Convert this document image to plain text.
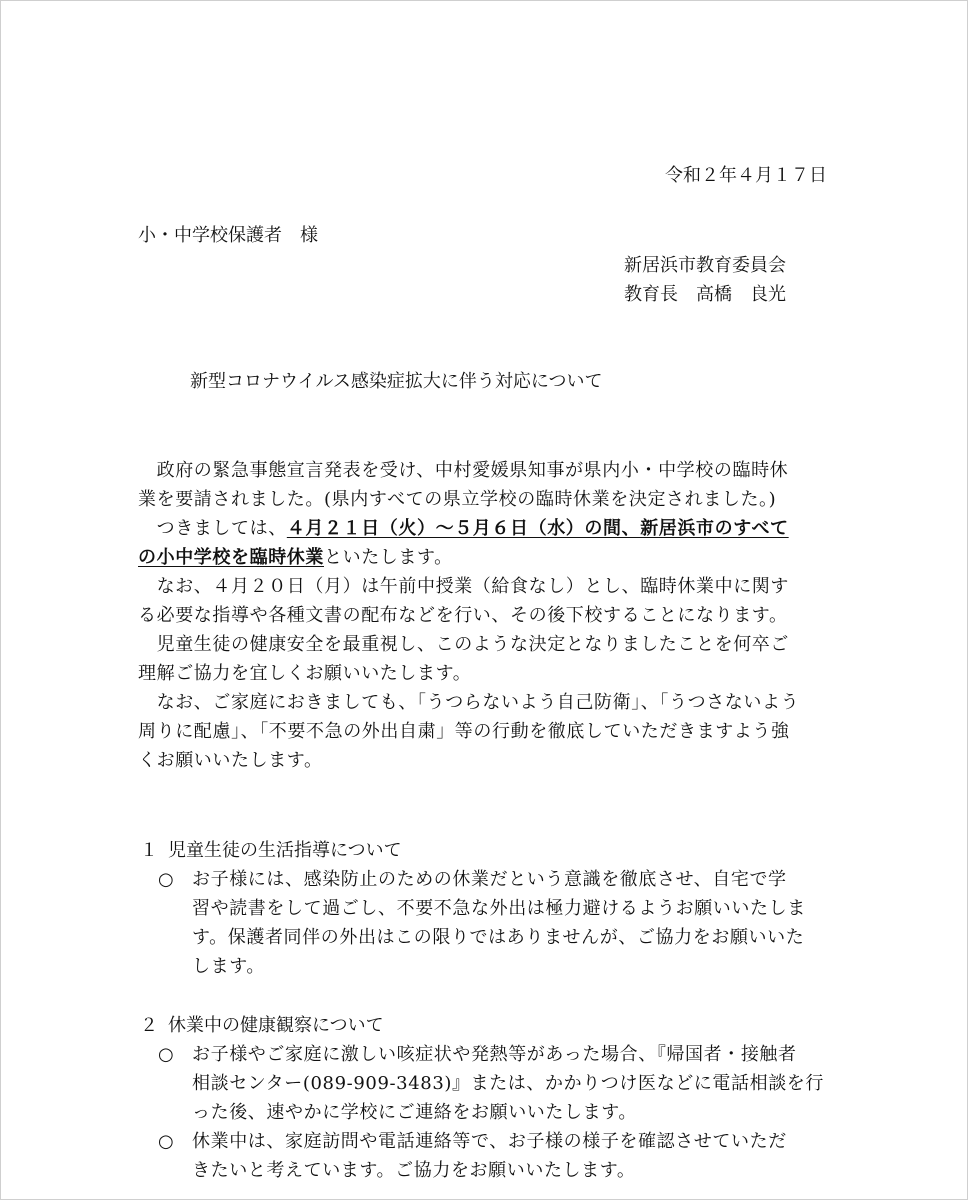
令和２年４月１７日
小・中学校保護者　様
新居浜市教育委員会
教育長　高橋　良光
新型コロナウイルス感染症拡大に伴う対応について
　政府の緊急事態宣言発表を受け、中村愛媛県知事が県内小・中学校の臨時休
業を要請されました。(県内すべての県立学校の臨時休業を決定されました。)
　つきましては、４月２１日（火）～５月６日（水）の間、新居浜市のすべて
の小中学校を臨時休業といたします。
　なお、４月２０日（月）は午前中授業（給食なし）とし、臨時休業中に関す
る必要な指導や各種文書の配布などを行い、その後下校することになります。
　児童生徒の健康安全を最重視し、このような決定となりましたことを何卒ご
理解ご協力を宜しくお願いいたします。
　なお、ご家庭におきましても、「うつらないよう自己防衛」、「うつさないよう
周りに配慮」、「不要不急の外出自粛」等の行動を徹底していただきますよう強
くお願いいたします。
１ 児童生徒の生活指導について
○ お子様には、感染防止のための休業だという意識を徹底させ、自宅で学
習や読書をして過ごし、不要不急な外出は極力避けるようお願いいたしま
す。保護者同伴の外出はこの限りではありませんが、ご協力をお願いいた
します。
２ 休業中の健康観察について
○ お子様やご家庭に激しい咳症状や発熱等があった場合、『帰国者・接触者
相談センター(089-909-3483)』または、かかりつけ医などに電話相談を行
った後、速やかに学校にご連絡をお願いいたします。
○ 休業中は、家庭訪問や電話連絡等で、お子様の様子を確認させていただ
きたいと考えています。ご協力をお願いいたします。
